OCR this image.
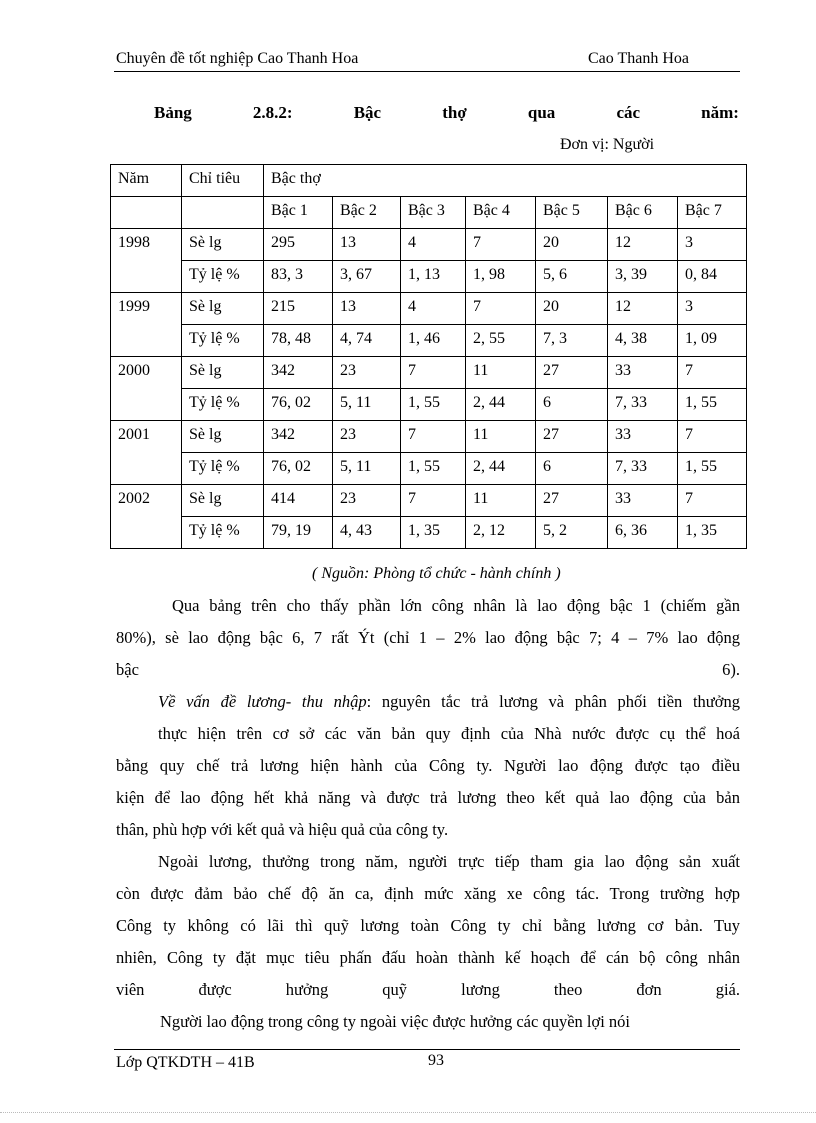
Chuyên đề tốt nghiệp Cao Thanh Hoa	Cao Thanh Hoa
Bảng	2.8.2:	Bậc	thợ	qua	các	năm:
Đơn vị: Người
Năm	Chỉ tiêu	Bậc thợ						
		Bậc 1	Bậc 2	Bậc 3	Bậc 4	Bậc 5	Bậc 6	Bậc 7
1998	Sè lg	295	13	4	7	20	12	3
	Tỷ lệ %	83, 3	3, 67	1, 13	1, 98	5, 6	3, 39	0, 84
1999	Sè lg	215	13	4	7	20	12	3
	Tỷ lệ %	78, 48	4, 74	1, 46	2, 55	7, 3	4, 38	1, 09
2000	Sè lg	342	23	7	11	27	33	7
	Tỷ lệ %	76, 02	5, 11	1, 55	2, 44	6	7, 33	1, 55
2001	Sè lg	342	23	7	11	27	33	7
	Tỷ lệ %	76, 02	5, 11	1, 55	2, 44	6	7, 33	1, 55
2002	Sè lg	414	23	7	11	27	33	7
	Tỷ lệ %	79, 19	4, 43	1, 35	2, 12	5, 2	6, 36	1, 35
( Nguồn: Phòng tổ chức - hành chính )
Qua bảng trên cho thấy phần lớn công nhân là lao động bậc 1 (chiếm gần
80%), sè lao động bậc 6, 7 rất Ýt (chỉ 1 – 2% lao động bậc 7; 4 – 7% lao động
bậc	6).
Về vấn đề lương- thu nhập: nguyên tắc trả lương và phân phối tiền thưởng
thực hiện trên cơ sở các văn bản quy định của Nhà nước được cụ thể hoá
bằng quy chế trả lương hiện hành của Công ty. Người lao động được tạo điều
kiện để lao động hết khả năng và được trả lương theo kết quả lao động của bản
thân, phù hợp với kết quả và hiệu quả của công ty.
Ngoài lương, thưởng trong năm, người trực tiếp tham gia lao động sản xuất
còn được đảm bảo chế độ ăn ca, định mức xăng xe công tác. Trong trường hợp
Công ty không có lãi thì quỹ lương toàn Công ty chỉ bằng lương cơ bản. Tuy
nhiên, Công ty đặt mục tiêu phấn đấu hoàn thành kế hoạch để cán bộ công nhân
viên được hưởng quỹ lương theo đơn giá.
Người lao động trong công ty ngoài việc được hưởng các quyền lợi nói
Lớp QTKDTH – 41B	93
